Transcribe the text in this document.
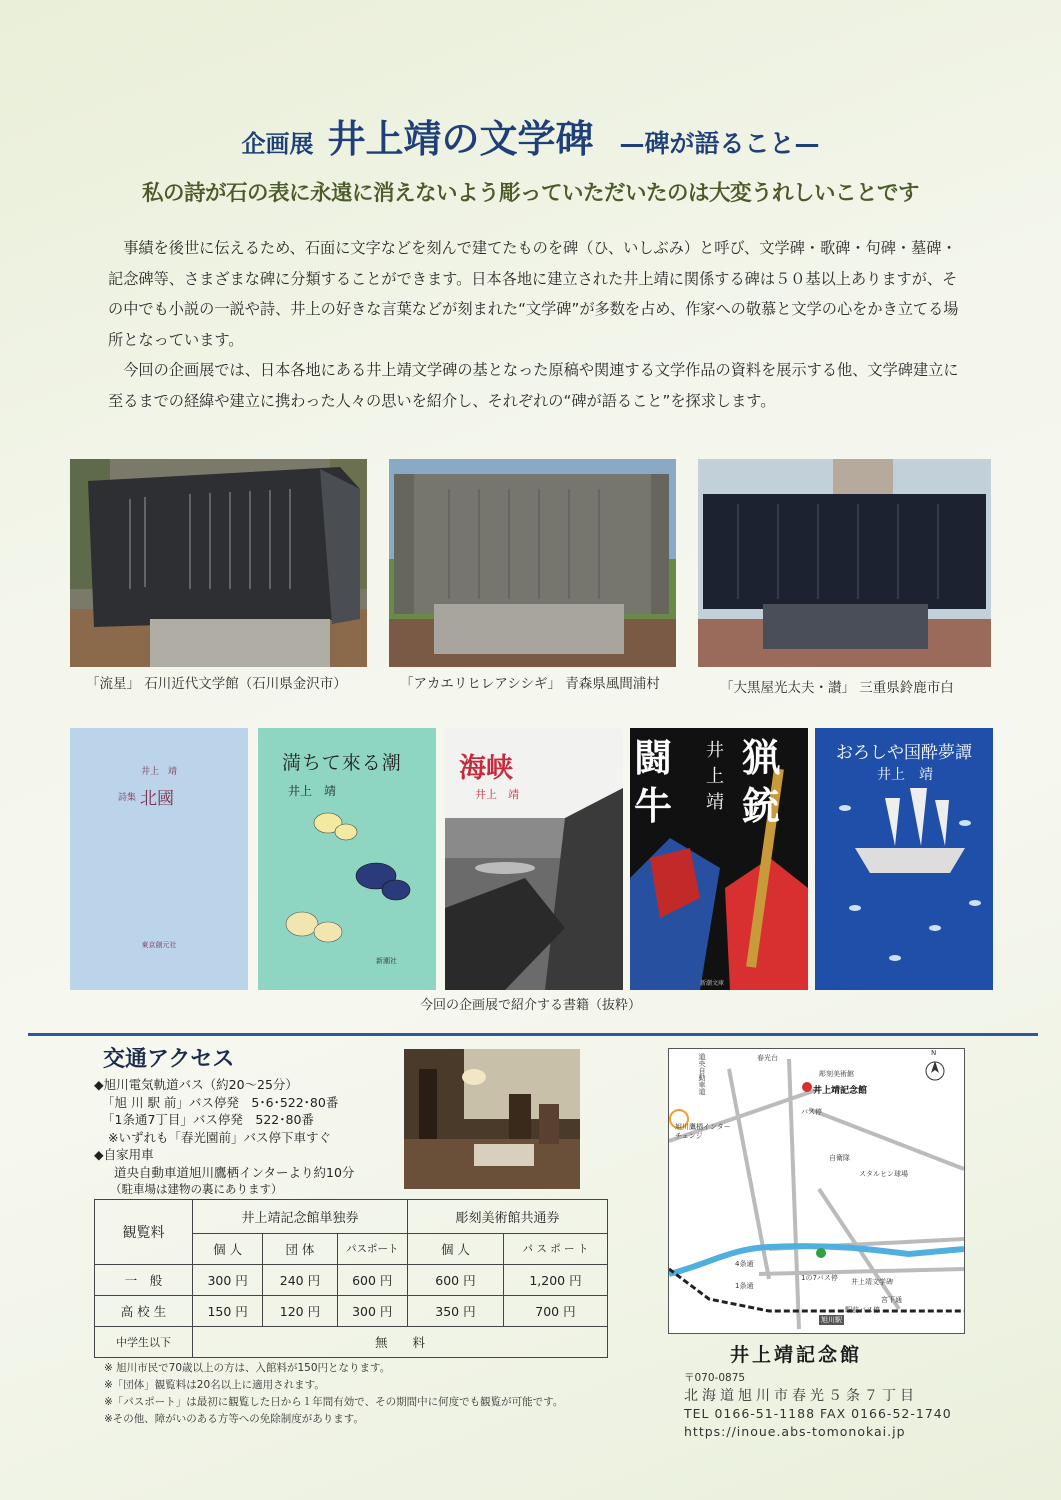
企画展 井上靖の文学碑 —碑が語ること—
私の詩が石の表に永遠に消えないよう彫っていただいたのは大変うれしいことです

事績を後世に伝えるため、石面に文字などを刻んで建てたものを碑（ひ、いしぶみ）と呼び、文学碑・歌碑・句碑・墓碑・記念碑等、さまざまな碑に分類することができます。日本各地に建立された井上靖に関係する碑は５０基以上ありますが、その中でも小説の一説や詩、井上の好きな言葉などが刻まれた“文学碑”が多数を占め、作家への敬慕と文学の心をかき立てる場所となっています。

今回の企画展では、日本各地にある井上靖文学碑の基となった原稿や関連する文学作品の資料を展示する他、文学碑建立に至るまでの経緯や建立に携わった人々の思いを紹介し、それぞれの“碑が語ること”を探求します。

「流星」 石川近代文学館（石川県金沢市）	「アカエリヒレアシシギ」 青森県風間浦村	「大黒屋光太夫・讃」 三重県鈴鹿市白
井上　靖
詩集 北國
東京創元社
満ちて來る潮
井上　靖
新潮社
海峡
井上　靖
闘
牛
井
上
靖
猟
銃
新潮文庫
おろしや国酔夢譚
井上　靖
今回の企画展で紹介する書籍（抜粋）
交通アクセス
◆旭川電気軌道バス（約20～25分）
「旭 川 駅 前」バス停発　5･6･522･80番
「1条通7丁目」バス停発　522･80番
※いずれも「春光園前」バス停下車すぐ
◆自家用車
道央自動車道旭川鷹栖インターより約10分
（駐車場は建物の裏にあります）
観覧料	井上靖記念館単独券			彫刻美術館共通券	
	個 人	団 体	パスポート	個 人	パ ス ポ ー ト
一　般	300 円	240 円	600 円	600 円	1,200 円
高 校 生	150 円	120 円	300 円	350 円	700 円
中学生以下	無　　料				
※ 旭川市民で70歳以上の方は、入館料が150円となります。
※「団体」観覧料は20名以上に適用されます。
※「パスポート」は最初に観覧した日から１年間有効で、その期間中に何度でも観覧が可能です。
※その他、障がいのある方等への免除制度があります。
道央自動車道
旭川鷹栖インターチェンジ
春光台
井上靖記念館
彫刻美術館
バス停
自衛隊
スタルヒン球場
4条通
1条通
1の7バス停 井上靖文学碑
宮下通
旭川駅
駅前バス停
N
井上靖記念館
〒070-0875
北海道旭川市春光５条７丁目
TEL 0166-51-1188 FAX 0166-52-1740
https://inoue.abs-tomonokai.jp
